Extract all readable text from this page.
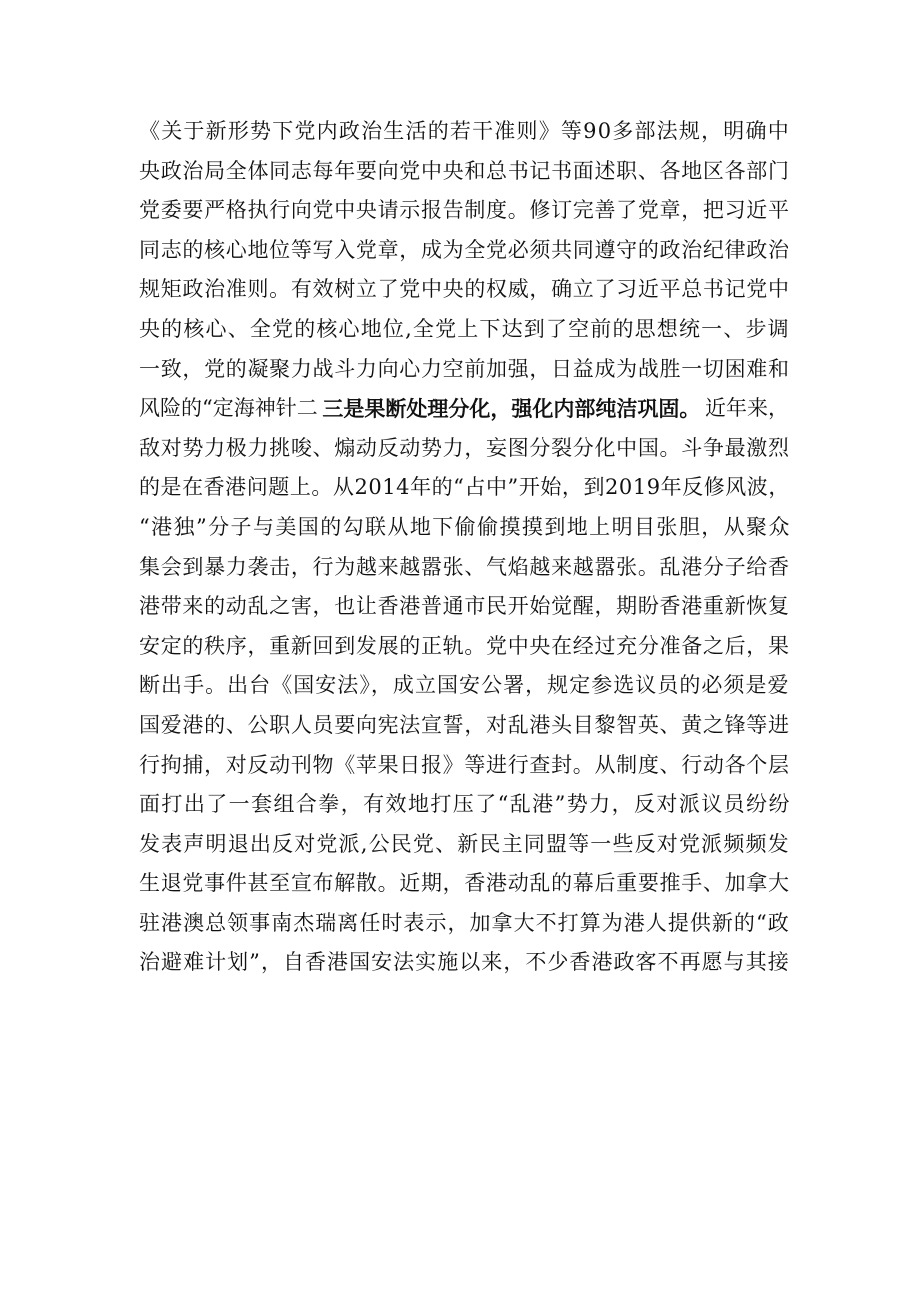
《关于新形势下党内政治生活的若干准则》等90多部法规，明确中
央政治局全体同志每年要向党中央和总书记书面述职、各地区各部门
党委要严格执行向党中央请示报告制度。修订完善了党章，把习近平
同志的核心地位等写入党章，成为全党必须共同遵守的政治纪律政治
规矩政治准则。有效树立了党中央的权威，确立了习近平总书记党中
央的核心、全党的核心地位,全党上下达到了空前的思想统一、步调
一致，党的凝聚力战斗力向心力空前加强，日益成为战胜一切困难和
风险的“定海神针二 三是果断处理分化，强化内部纯洁巩固。 近年来，
敌对势力极力挑唆、煽动反动势力，妄图分裂分化中国。斗争最激烈
的是在香港问题上。从2014年的“占中”开始，到2019年反修风波，
“港独”分子与美国的勾联从地下偷偷摸摸到地上明目张胆，从聚众
集会到暴力袭击，行为越来越嚣张、气焰越来越嚣张。乱港分子给香
港带来的动乱之害，也让香港普通市民开始觉醒，期盼香港重新恢复
安定的秩序，重新回到发展的正轨。党中央在经过充分准备之后，果
断出手。出台《国安法》，成立国安公署，规定参选议员的必须是爱
国爱港的、公职人员要向宪法宣誓，对乱港头目黎智英、黄之锋等进
行拘捕，对反动刊物《苹果日报》等进行查封。从制度、行动各个层
面打出了一套组合拳，有效地打压了“乱港”势力，反对派议员纷纷
发表声明退出反对党派,公民党、新民主同盟等一些反对党派频频发
生退党事件甚至宣布解散。近期，香港动乱的幕后重要推手、加拿大
驻港澳总领事南杰瑞离任时表示，加拿大不打算为港人提供新的“政
治避难计划”，自香港国安法实施以来，不少香港政客不再愿与其接
